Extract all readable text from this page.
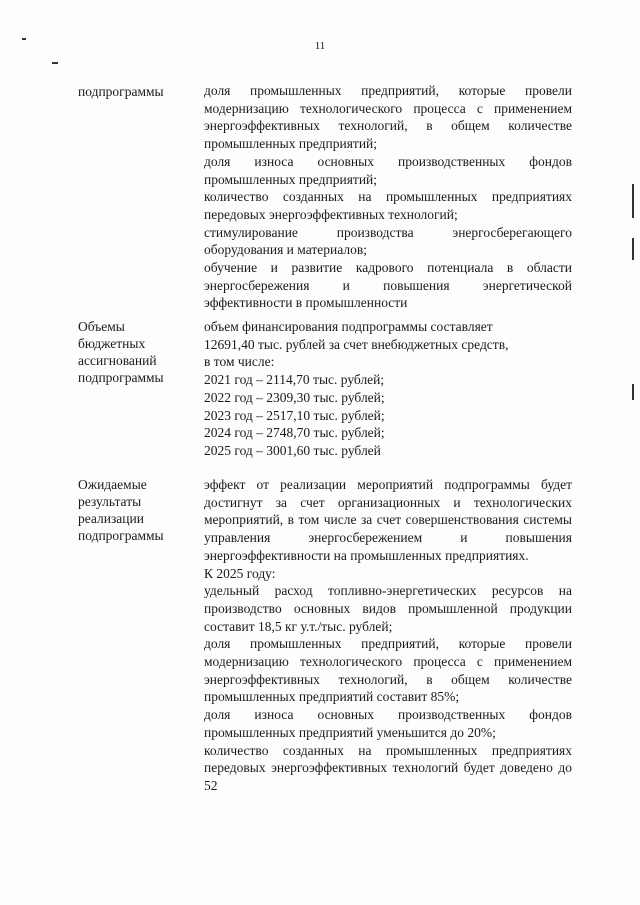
11
подпрограммы	доля промышленных предприятий, которые провели модернизацию технологического процесса с применением энергоэффективных технологий, в общем количестве промышленных предприятий;

доля износа основных производственных фондов промышленных предприятий;

количество созданных на промышленных предприятиях передовых энергоэффективных технологий;

стимулирование производства энергосберегающего оборудования и материалов;

обучение и развитие кадрового потенциала в области энергосбережения и повышения энергетической эффективности в промышленности

Объемы
бюджетных
ассигнований
подпрограммы

объем финансирования подпрограммы составляет

12691,40 тыс. рублей за счет внебюджетных средств,

в том числе:

2021 год – 2114,70 тыс. рублей;

2022 год – 2309,30 тыс. рублей;

2023 год – 2517,10 тыс. рублей;

2024 год – 2748,70 тыс. рублей;

2025 год – 3001,60 тыс. рублей

Ожидаемые
результаты
реализации
подпрограммы

эффект от реализации мероприятий подпрограммы будет достигнут за счет организационных и технологических мероприятий, в том числе за счет совершенствования системы управления энергосбережением и повышения энергоэффективности на промышленных предприятиях.

К 2025 году:

удельный расход топливно-энергетических ресурсов на производство основных видов промышленной продукции составит 18,5 кг у.т./тыс. рублей;

доля промышленных предприятий, которые провели модернизацию технологического процесса с применением энергоэффективных технологий, в общем количестве промышленных предприятий составит 85%;

доля износа основных производственных фондов промышленных предприятий уменьшится до 20%;

количество созданных на промышленных предприятиях передовых энергоэффективных технологий будет доведено до 52
